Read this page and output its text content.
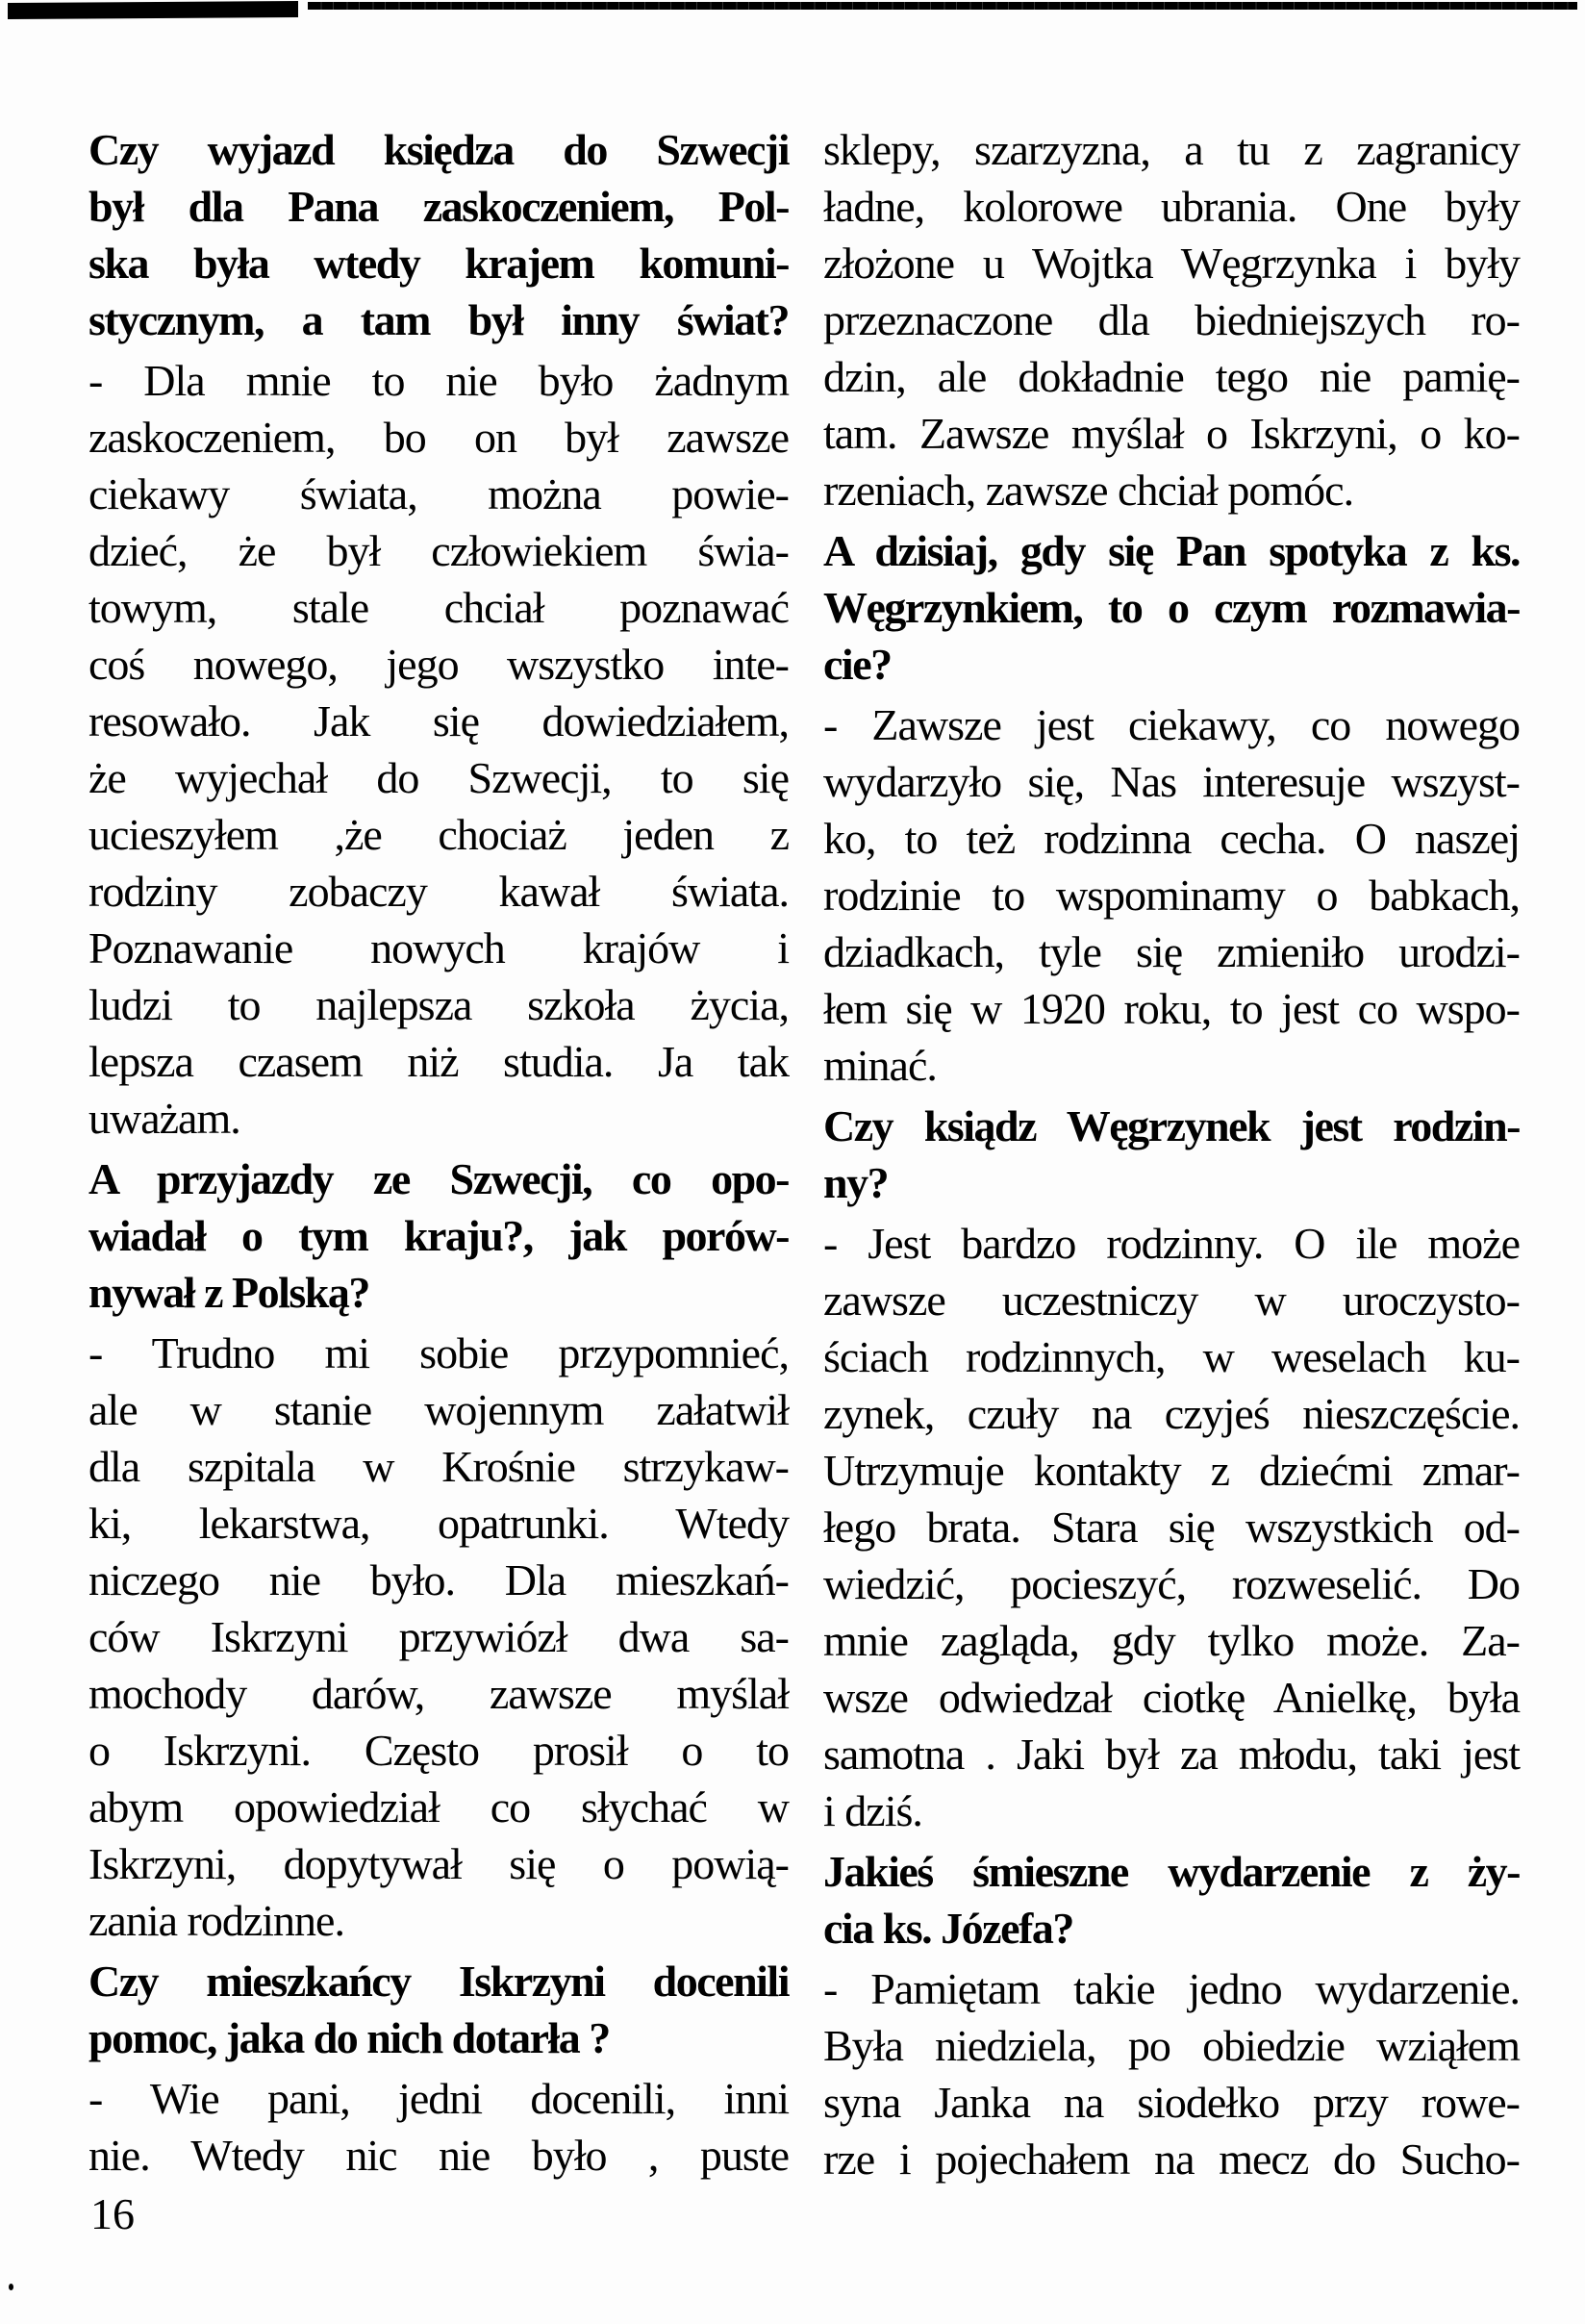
Czy wyjazd księdza do Szwecji
był dla Pana zaskoczeniem, Pol-
ska była wtedy krajem komuni-
stycznym, a tam był inny świat?
- Dla mnie to nie było żadnym
zaskoczeniem, bo on był zawsze
ciekawy świata, można powie-
dzieć, że był człowiekiem świa-
towym, stale chciał poznawać
coś nowego, jego wszystko inte-
resowało. Jak się dowiedziałem,
że wyjechał do Szwecji, to się
ucieszyłem ,że chociaż jeden z
rodziny zobaczy kawał świata.
Poznawanie nowych krajów i
ludzi to najlepsza szkoła życia,
lepsza czasem niż studia. Ja tak
uważam.
A przyjazdy ze Szwecji, co opo-
wiadał o tym kraju?, jak porów-
nywał z Polską?
- Trudno mi sobie przypomnieć,
ale w stanie wojennym załatwił
dla szpitala w Krośnie strzykaw-
ki, lekarstwa, opatrunki. Wtedy
niczego nie było. Dla mieszkań-
ców Iskrzyni przywiózł dwa sa-
mochody darów, zawsze myślał
o Iskrzyni. Często prosił o to
abym opowiedział co słychać w
Iskrzyni, dopytywał się o powią-
zania rodzinne.
Czy mieszkańcy Iskrzyni docenili
pomoc, jaka do nich dotarła ?
- Wie pani, jedni docenili, inni
nie. Wtedy nic nie było , puste
sklepy, szarzyzna, a tu z zagranicy
ładne, kolorowe ubrania. One były
złożone u Wojtka Węgrzynka i były
przeznaczone dla biedniejszych ro-
dzin, ale dokładnie tego nie pamię-
tam. Zawsze myślał o Iskrzyni, o ko-
rzeniach, zawsze chciał pomóc.
A dzisiaj, gdy się Pan spotyka z ks.
Węgrzynkiem, to o czym rozmawia-
cie?
- Zawsze jest ciekawy, co nowego
wydarzyło się, Nas interesuje wszyst-
ko, to też rodzinna cecha. O naszej
rodzinie to wspominamy o babkach,
dziadkach, tyle się zmieniło urodzi-
łem się w 1920 roku, to jest co wspo-
minać.
Czy ksiądz Węgrzynek jest rodzin-
ny?
- Jest bardzo rodzinny. O ile może
zawsze uczestniczy w uroczysto-
ściach rodzinnych, w weselach ku-
zynek, czuły na czyjeś nieszczęście.
Utrzymuje kontakty z dziećmi zmar-
łego brata. Stara się wszystkich od-
wiedzić, pocieszyć, rozweselić. Do
mnie zagląda, gdy tylko może. Za-
wsze odwiedzał ciotkę Anielkę, była
samotna . Jaki był za młodu, taki jest
i dziś.
Jakieś śmieszne wydarzenie z ży-
cia ks. Józefa?
- Pamiętam takie jedno wydarzenie.
Była niedziela, po obiedzie wziąłem
syna Janka na siodełko przy rowe-
rze i pojechałem na mecz do Sucho-
16
